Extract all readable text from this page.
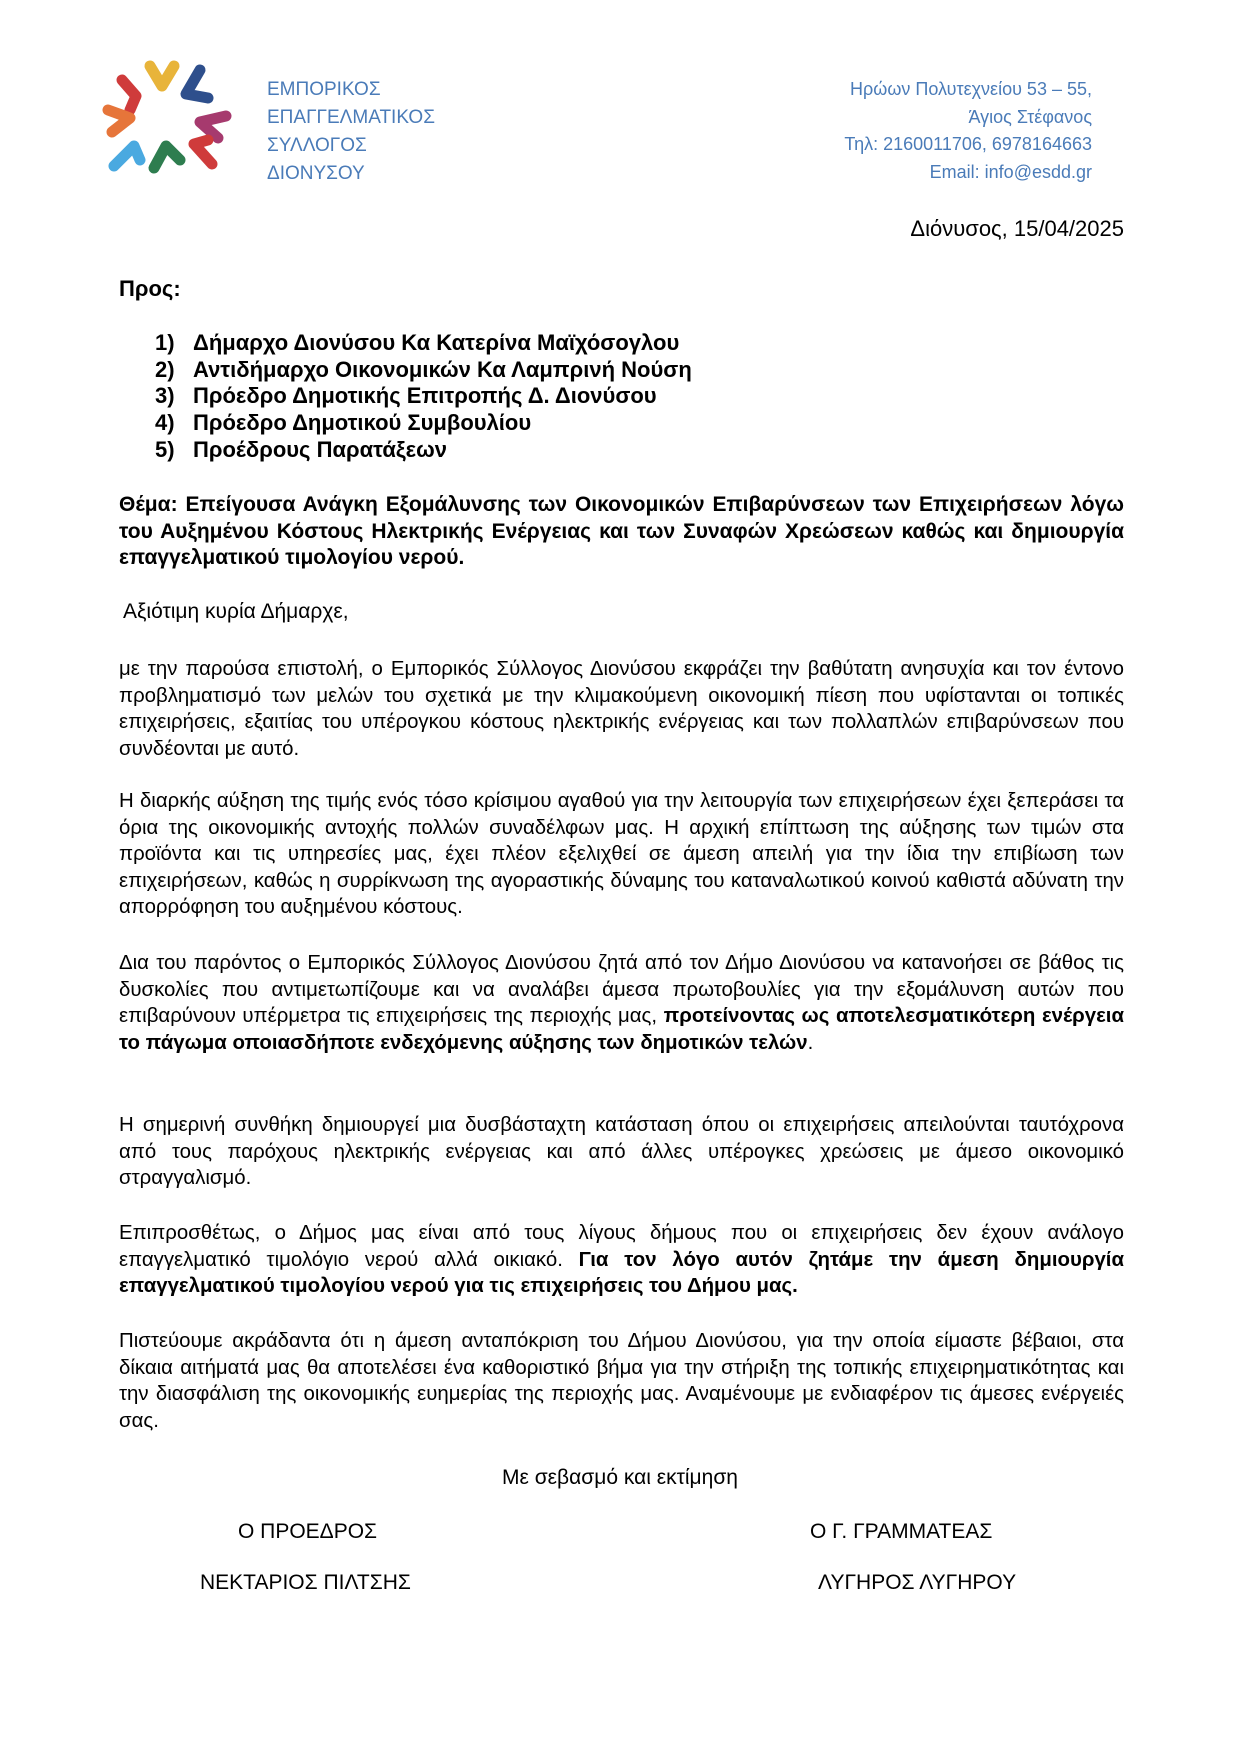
ΕΜΠΟΡΙΚΟΣ
ΕΠΑΓΓΕΛΜΑΤΙΚΟΣ
ΣΥΛΛΟΓΟΣ
ΔΙΟΝΥΣΟΥ
Ηρώων Πολυτεχνείου 53 – 55,
Άγιος Στέφανος
Τηλ: 2160011706, 6978164663
Email: info@esdd.gr
Διόνυσος, 15/04/2025
Προς:
1) Δήμαρχο Διονύσου Κα Κατερίνα Μαϊχόσογλου
2) Αντιδήμαρχο Οικονομικών Κα Λαμπρινή Νούση
3) Πρόεδρο Δημοτικής Επιτροπής Δ. Διονύσου
4) Πρόεδρο Δημοτικού Συμβουλίου
5) Προέδρους Παρατάξεων
Θέμα: Επείγουσα Ανάγκη Εξομάλυνσης των Οικονομικών Επιβαρύνσεων των Επιχειρήσεων λόγω του Αυξημένου Κόστους Ηλεκτρικής Ενέργειας και των Συναφών Χρεώσεων καθώς και δημιουργία επαγγελματικού τιμολογίου νερού.
Αξιότιμη κυρία Δήμαρχε,
με την παρούσα επιστολή, ο Εμπορικός Σύλλογος Διονύσου εκφράζει την βαθύτατη ανησυχία και τον έντονο προβληματισμό των μελών του σχετικά με την κλιμακούμενη οικονομική πίεση που υφίστανται οι τοπικές επιχειρήσεις, εξαιτίας του υπέρογκου κόστους ηλεκτρικής ενέργειας και των πολλαπλών επιβαρύνσεων που συνδέονται με αυτό.
Η διαρκής αύξηση της τιμής ενός τόσο κρίσιμου αγαθού για την λειτουργία των επιχειρήσεων έχει ξεπεράσει τα όρια της οικονομικής αντοχής πολλών συναδέλφων μας. Η αρχική επίπτωση της αύξησης των τιμών στα προϊόντα και τις υπηρεσίες μας, έχει πλέον εξελιχθεί σε άμεση απειλή για την ίδια την επιβίωση των επιχειρήσεων, καθώς η συρρίκνωση της αγοραστικής δύναμης του καταναλωτικού κοινού καθιστά αδύνατη την απορρόφηση του αυξημένου κόστους.
Δια του παρόντος ο Εμπορικός Σύλλογος Διονύσου ζητά από τον Δήμο Διονύσου να κατανοήσει σε βάθος τις δυσκολίες που αντιμετωπίζουμε και να αναλάβει άμεσα πρωτοβουλίες για την εξομάλυνση αυτών που επιβαρύνουν υπέρμετρα τις επιχειρήσεις της περιοχής μας, προτείνοντας ως αποτελεσματικότερη ενέργεια το πάγωμα οποιασδήποτε ενδεχόμενης αύξησης των δημοτικών τελών.
Η σημερινή συνθήκη δημιουργεί μια δυσβάσταχτη κατάσταση όπου οι επιχειρήσεις απειλούνται ταυτόχρονα από τους παρόχους ηλεκτρικής ενέργειας και από άλλες υπέρογκες χρεώσεις με άμεσο οικονομικό στραγγαλισμό.
Επιπροσθέτως, ο Δήμος μας είναι από τους λίγους δήμους που οι επιχειρήσεις δεν έχουν ανάλογο επαγγελματικό τιμολόγιο νερού αλλά οικιακό. Για τον λόγο αυτόν ζητάμε την άμεση δημιουργία επαγγελματικού τιμολογίου νερού για τις επιχειρήσεις του Δήμου μας.
Πιστεύουμε ακράδαντα ότι η άμεση ανταπόκριση του Δήμου Διονύσου, για την οποία είμαστε βέβαιοι, στα δίκαια αιτήματά μας θα αποτελέσει ένα καθοριστικό βήμα για την στήριξη της τοπικής επιχειρηματικότητας και την διασφάλιση της οικονομικής ευημερίας της περιοχής μας. Αναμένουμε με ενδιαφέρον τις άμεσες ενέργειές σας.
Με σεβασμό και εκτίμηση
Ο ΠΡΟΕΔΡΟΣ
ΝΕΚΤΑΡΙΟΣ ΠΙΛΤΣΗΣ
Ο Γ. ΓΡΑΜΜΑΤΕΑΣ
ΛΥΓΗΡΟΣ ΛΥΓΗΡΟΥ
